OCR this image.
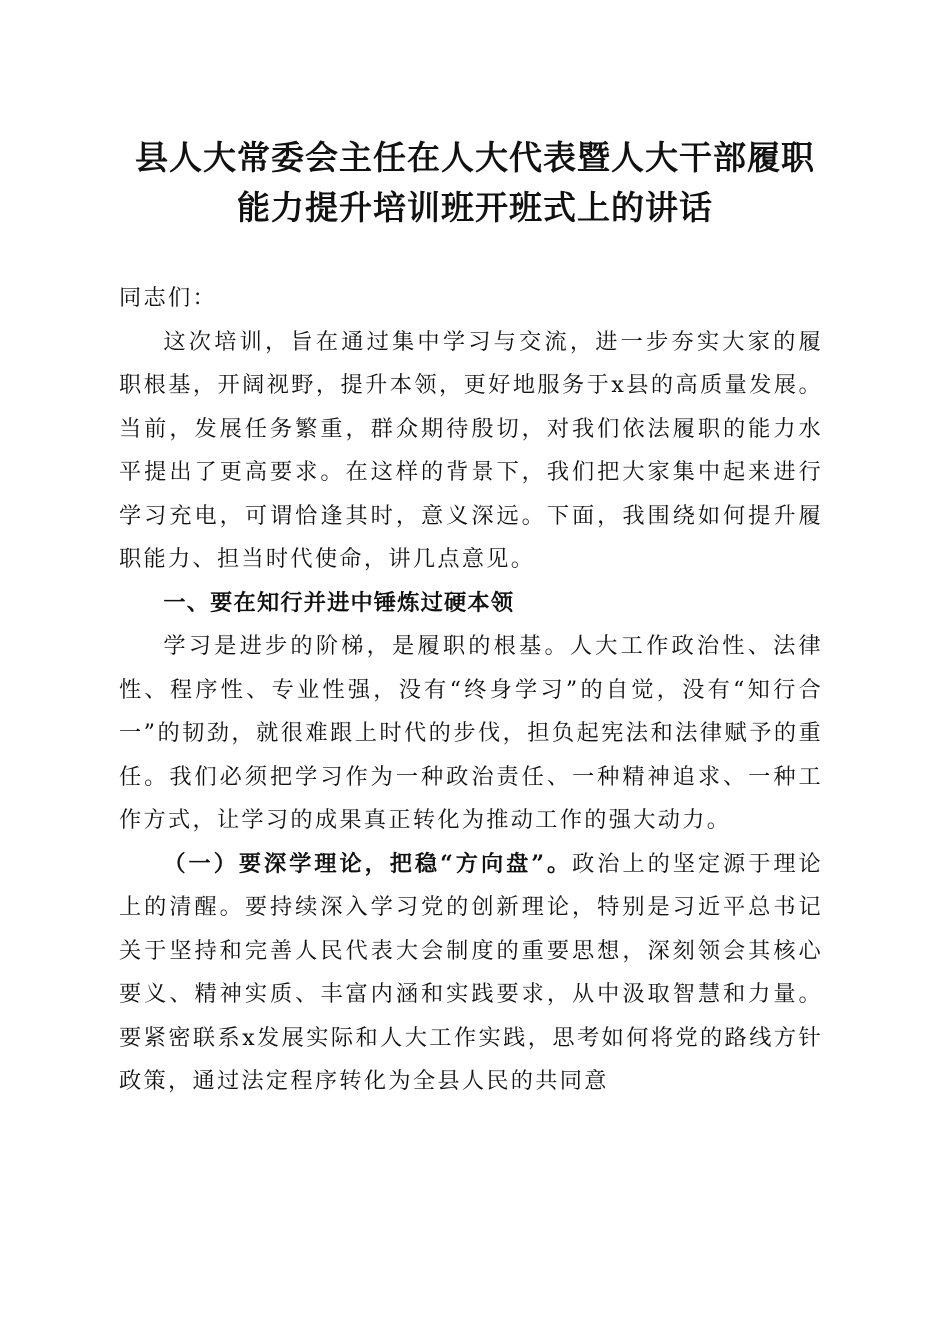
县人大常委会主任在人大代表暨人大干部履职
能力提升培训班开班式上的讲话

同志们：

这次培训，旨在通过集中学习与交流，进一步夯实大家的履职根基，开阔视野，提升本领，更好地服务于x县的高质量发展。当前，发展任务繁重，群众期待殷切，对我们依法履职的能力水平提出了更高要求。在这样的背景下，我们把大家集中起来进行学习充电，可谓恰逢其时，意义深远。下面，我围绕如何提升履职能力、担当时代使命，讲几点意见。

一、要在知行并进中锤炼过硬本领

学习是进步的阶梯，是履职的根基。人大工作政治性、法律性、程序性、专业性强，没有“终身学习”的自觉，没有“知行合一”的韧劲，就很难跟上时代的步伐，担负起宪法和法律赋予的重任。我们必须把学习作为一种政治责任、一种精神追求、一种工作方式，让学习的成果真正转化为推动工作的强大动力。

（一）要深学理论，把稳“方向盘”。政治上的坚定源于理论上的清醒。要持续深入学习党的创新理论，特别是习近平总书记关于坚持和完善人民代表大会制度的重要思想，深刻领会其核心要义、精神实质、丰富内涵和实践要求，从中汲取智慧和力量。要紧密联系x发展实际和人大工作实践，思考如何将党的路线方针政策，通过法定程序转化为全县人民的共同意
